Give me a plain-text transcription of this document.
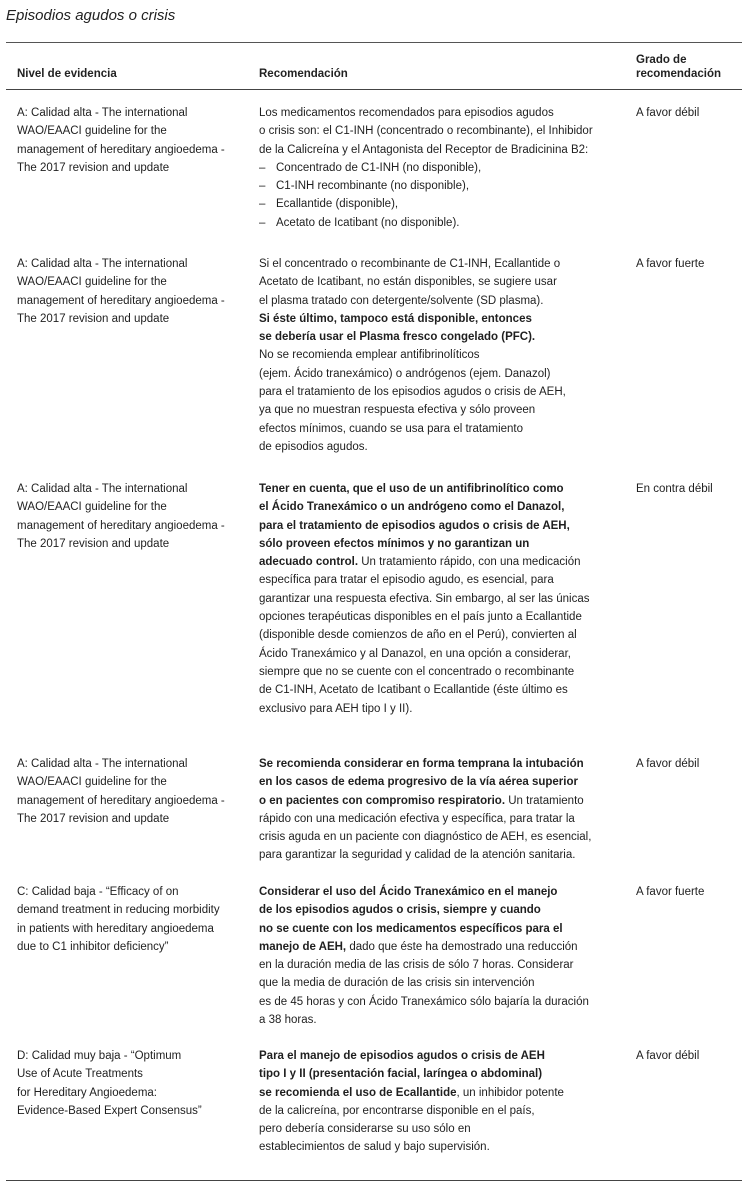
Episodios agudos o crisis
Nivel de evidencia	Recomendación
Grado de
recomendación

A: Calidad alta - The international

WAO/EAACI guideline for the

management of hereditary angioedema -

The 2017 revision and update

Los medicamentos recomendados para episodios agudos

o crisis son: el C1-INH (concentrado o recombinante), el Inhibidor

de la Calicreína y el Antagonista del Receptor de Bradicinina B2:

– Concentrado de C1-INH (no disponible),
– C1-INH recombinante (no disponible),
– Ecallantide (disponible),
– Acetato de Icatibant (no disponible).
A favor débil

A: Calidad alta - The international

WAO/EAACI guideline for the

management of hereditary angioedema -

The 2017 revision and update

Si el concentrado o recombinante de C1-INH, Ecallantide o

Acetato de Icatibant, no están disponibles, se sugiere usar

el plasma tratado con detergente/solvente (SD plasma).

Si éste último, tampoco está disponible, entonces

se debería usar el Plasma fresco congelado (PFC).

No se recomienda emplear antifibrinolíticos

(ejem. Ácido tranexámico) o andrógenos (ejem. Danazol)

para el tratamiento de los episodios agudos o crisis de AEH,

ya que no muestran respuesta efectiva y sólo proveen

efectos mínimos, cuando se usa para el tratamiento

de episodios agudos.

A favor fuerte

A: Calidad alta - The international

WAO/EAACI guideline for the

management of hereditary angioedema -

The 2017 revision and update

Tener en cuenta, que el uso de un antifibrinolítico como

el Ácido Tranexámico o un andrógeno como el Danazol,

para el tratamiento de episodios agudos o crisis de AEH,

sólo proveen efectos mínimos y no garantizan un

adecuado control. Un tratamiento rápido, con una medicación

específica para tratar el episodio agudo, es esencial, para

garantizar una respuesta efectiva. Sin embargo, al ser las únicas

opciones terapéuticas disponibles en el país junto a Ecallantide

(disponible desde comienzos de año en el Perú), convierten al

Ácido Tranexámico y al Danazol, en una opción a considerar,

siempre que no se cuente con el concentrado o recombinante

de C1-INH, Acetato de Icatibant o Ecallantide (éste último es

exclusivo para AEH tipo I y II).

En contra débil

A: Calidad alta - The international

WAO/EAACI guideline for the

management of hereditary angioedema -

The 2017 revision and update

Se recomienda considerar en forma temprana la intubación

en los casos de edema progresivo de la vía aérea superior

o en pacientes con compromiso respiratorio. Un tratamiento

rápido con una medicación efectiva y específica, para tratar la

crisis aguda en un paciente con diagnóstico de AEH, es esencial,

para garantizar la seguridad y calidad de la atención sanitaria.

A favor débil

C: Calidad baja - “Efficacy of on

demand treatment in reducing morbidity

in patients with hereditary angioedema

due to C1 inhibitor deficiency”

Considerar el uso del Ácido Tranexámico en el manejo

de los episodios agudos o crisis, siempre y cuando

no se cuente con los medicamentos específicos para el

manejo de AEH, dado que éste ha demostrado una reducción

en la duración media de las crisis de sólo 7 horas. Considerar

que la media de duración de las crisis sin intervención

es de 45 horas y con Ácido Tranexámico sólo bajaría la duración

a 38 horas.

A favor fuerte

D: Calidad muy baja - “Optimum

Use of Acute Treatments

for Hereditary Angioedema:

Evidence-Based Expert Consensus”

Para el manejo de episodios agudos o crisis de AEH

tipo I y II (presentación facial, laríngea o abdominal)

se recomienda el uso de Ecallantide, un inhibidor potente

de la calicreína, por encontrarse disponible en el país,

pero debería considerarse su uso sólo en

establecimientos de salud y bajo supervisión.

A favor débil
